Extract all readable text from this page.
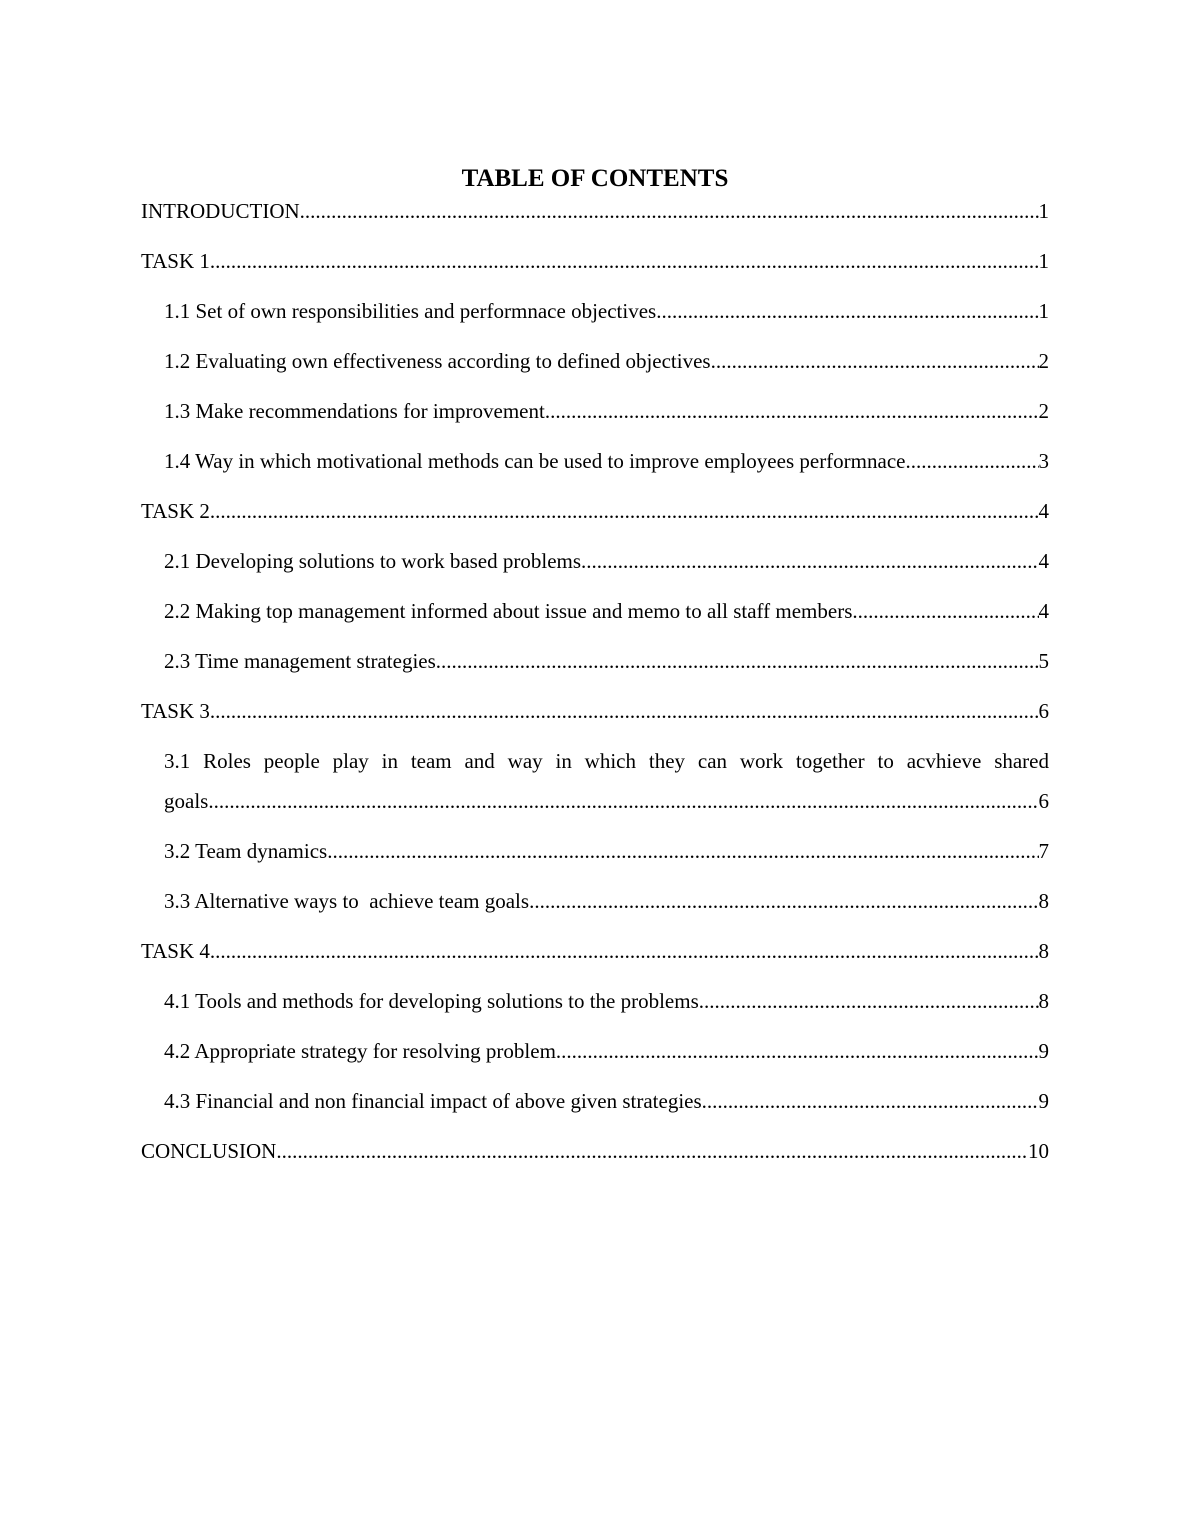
TABLE OF CONTENTS
INTRODUCTION .....	1
TASK 1 .....	1
1.1 Set of own responsibilities and performnace objectives .....	1
1.2 Evaluating own effectiveness according to defined objectives .....	2
1.3 Make recommendations for improvement .....	2
1.4 Way in which motivational methods can be used to improve employees performnace .....	3
TASK 2 .....	4
2.1 Developing solutions to work based problems .....	4
2.2 Making top management informed about issue and memo to all staff members .....	4
2.3 Time management strategies .....	5
TASK 3 .....	6
3.1 Roles people play in team and way in which they can work together to acvhieve shared
goals .....	6
3.2 Team dynamics .....	7
3.3 Alternative ways to  achieve team goals .....	8
TASK 4 .....	8
4.1 Tools and methods for developing solutions to the problems .....	8
4.2 Appropriate strategy for resolving problem .....	9
4.3 Financial and non financial impact of above given strategies .....	9
CONCLUSION .....	10
